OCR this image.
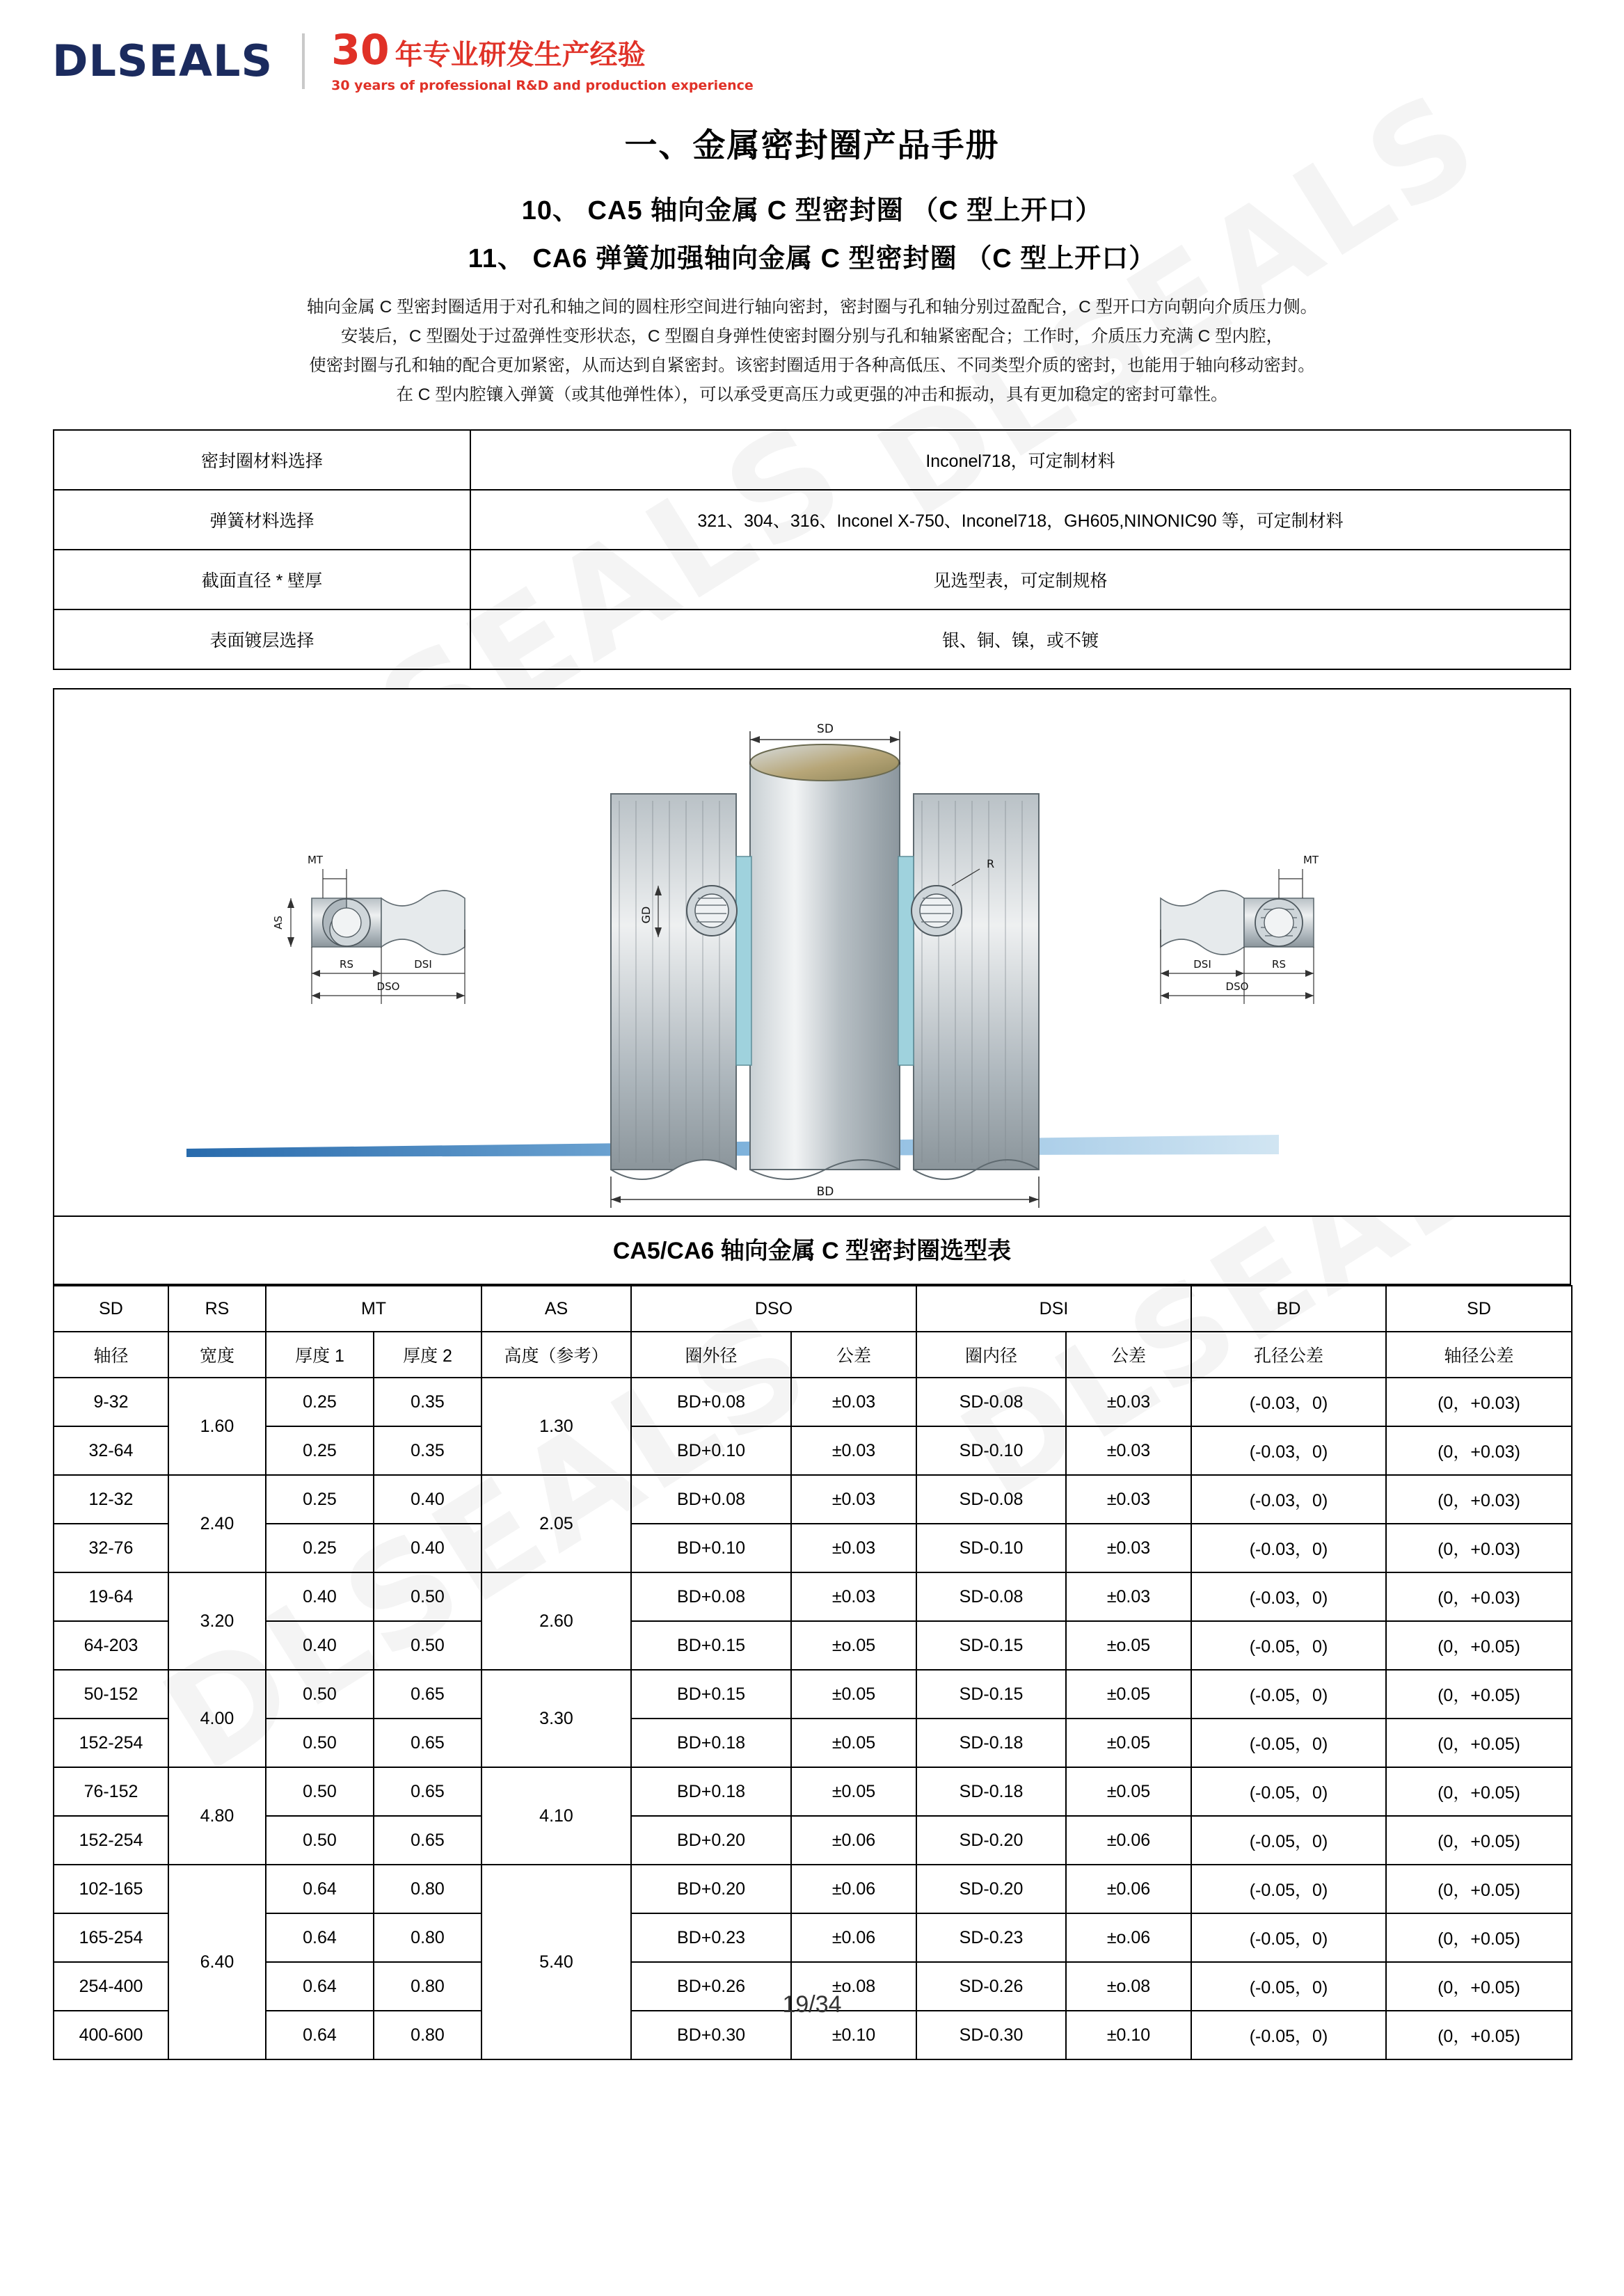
DLSEALS 30 年专业研发生产经验
30 years of professional R&D and production experience
一、金属密封圈产品手册
10、 CA5 轴向金属 C 型密封圈 （C 型上开口）
11、 CA6 弹簧加强轴向金属 C 型密封圈 （C 型上开口）

轴向金属 C 型密封圈适用于对孔和轴之间的圆柱形空间进行轴向密封，密封圈与孔和轴分别过盈配合，C 型开口方向朝向介质压力侧。

安装后，C 型圈处于过盈弹性变形状态，C 型圈自身弹性使密封圈分别与孔和轴紧密配合；工作时，介质压力充满 C 型内腔，

使密封圈与孔和轴的配合更加紧密，从而达到自紧密封。该密封圈适用于各种高低压、不同类型介质的密封，也能用于轴向移动密封。

在 C 型内腔镶入弹簧（或其他弹性体），可以承受更高压力或更强的冲击和振动，具有更加稳定的密封可靠性。

密封圈材料选择	Inconel718，可定制材料
弹簧材料选择	321、304、316、Inconel X-750、Inconel718，GH605,NINONIC90 等，可定制材料
截面直径 * 壁厚	见选型表，可定制规格
表面镀层选择	银、铜、镍，或不镀
SD
BD
GD
R
MT
AS
RS	DSI
DSO
MT
DSI	RS
DSO
CA5/CA6 轴向金属 C 型密封圈选型表
SD	RS	MT		AS	DSO		DSI		BD	SD
轴径	宽度	厚度 1	厚度 2	高度（参考）	圈外径	公差	圈内径	公差	孔径公差	轴径公差
9-32	1.60	0.25	0.35	1.30	BD+0.08	±0.03	SD-0.08	±0.03	(-0.03，0)	(0，+0.03)
32-64		0.25	0.35		BD+0.10	±0.03	SD-0.10	±0.03	(-0.03，0)	(0，+0.03)
12-32	2.40	0.25	0.40	2.05	BD+0.08	±0.03	SD-0.08	±0.03	(-0.03，0)	(0，+0.03)
32-76		0.25	0.40		BD+0.10	±0.03	SD-0.10	±0.03	(-0.03，0)	(0，+0.03)
19-64	3.20	0.40	0.50	2.60	BD+0.08	±0.03	SD-0.08	±0.03	(-0.03，0)	(0，+0.03)
64-203		0.40	0.50		BD+0.15	±o.05	SD-0.15	±o.05	(-0.05，0)	(0，+0.05)
50-152	4.00	0.50	0.65	3.30	BD+0.15	±0.05	SD-0.15	±0.05	(-0.05，0)	(0，+0.05)
152-254		0.50	0.65		BD+0.18	±0.05	SD-0.18	±0.05	(-0.05，0)	(0，+0.05)
76-152	4.80	0.50	0.65	4.10	BD+0.18	±0.05	SD-0.18	±0.05	(-0.05，0)	(0，+0.05)
152-254		0.50	0.65		BD+0.20	±0.06	SD-0.20	±0.06	(-0.05，0)	(0，+0.05)
102-165	6.40	0.64	0.80	5.40	BD+0.20	±0.06	SD-0.20	±0.06	(-0.05，0)	(0，+0.05)
165-254		0.64	0.80		BD+0.23	±0.06	SD-0.23	±o.06	(-0.05，0)	(0，+0.05)
254-400		0.64	0.80		BD+0.26	±o.08	SD-0.26	±o.08	(-0.05，0)	(0，+0.05)
400-600		0.64	0.80		BD+0.30	±0.10	SD-0.30	±0.10	(-0.05，0)	(0，+0.05)
19/34
